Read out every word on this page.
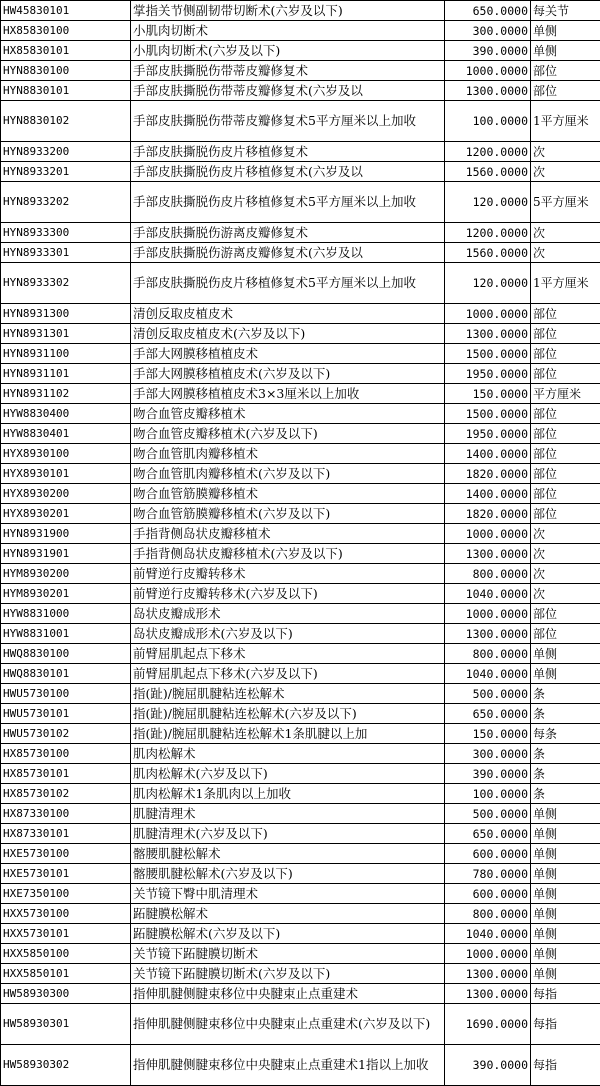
HW45830101	掌指关节侧副韧带切断术(六岁及以下)	650.0000	每关节
HX85830100	小肌肉切断术	300.0000	单侧
HX85830101	小肌肉切断术(六岁及以下)	390.0000	单侧
HYN8830100	手部皮肤撕脱伤带蒂皮瓣修复术	1000.0000	部位
HYN8830101	手部皮肤撕脱伤带蒂皮瓣修复术(六岁及以	1300.0000	部位
HYN8830102	手部皮肤撕脱伤带蒂皮瓣修复术5平方厘米以上加收	100.0000	1平方厘米
HYN8933200	手部皮肤撕脱伤皮片移植修复术	1200.0000	次
HYN8933201	手部皮肤撕脱伤皮片移植修复术(六岁及以	1560.0000	次
HYN8933202	手部皮肤撕脱伤皮片移植修复术5平方厘米以上加收	120.0000	5平方厘米
HYN8933300	手部皮肤撕脱伤游离皮瓣修复术	1200.0000	次
HYN8933301	手部皮肤撕脱伤游离皮瓣修复术(六岁及以	1560.0000	次
HYN8933302	手部皮肤撕脱伤皮片移植修复术5平方厘米以上加收	120.0000	1平方厘米
HYN8931300	清创反取皮植皮术	1000.0000	部位
HYN8931301	清创反取皮植皮术(六岁及以下)	1300.0000	部位
HYN8931100	手部大网膜移植植皮术	1500.0000	部位
HYN8931101	手部大网膜移植植皮术(六岁及以下)	1950.0000	部位
HYN8931102	手部大网膜移植植皮术3×3厘米以上加收	150.0000	平方厘米
HYW8830400	吻合血管皮瓣移植术	1500.0000	部位
HYW8830401	吻合血管皮瓣移植术(六岁及以下)	1950.0000	部位
HYX8930100	吻合血管肌肉瓣移植术	1400.0000	部位
HYX8930101	吻合血管肌肉瓣移植术(六岁及以下)	1820.0000	部位
HYX8930200	吻合血管筋膜瓣移植术	1400.0000	部位
HYX8930201	吻合血管筋膜瓣移植术(六岁及以下)	1820.0000	部位
HYN8931900	手指背侧岛状皮瓣移植术	1000.0000	次
HYN8931901	手指背侧岛状皮瓣移植术(六岁及以下)	1300.0000	次
HYM8930200	前臂逆行皮瓣转移术	800.0000	次
HYM8930201	前臂逆行皮瓣转移术(六岁及以下)	1040.0000	次
HYW8831000	岛状皮瓣成形术	1000.0000	部位
HYW8831001	岛状皮瓣成形术(六岁及以下)	1300.0000	部位
HWQ8830100	前臂屈肌起点下移术	800.0000	单侧
HWQ8830101	前臂屈肌起点下移术(六岁及以下)	1040.0000	单侧
HWU5730100	指(趾)/腕屈肌腱粘连松解术	500.0000	条
HWU5730101	指(趾)/腕屈肌腱粘连松解术(六岁及以下)	650.0000	条
HWU5730102	指(趾)/腕屈肌腱粘连松解术1条肌腱以上加	150.0000	每条
HX85730100	肌肉松解术	300.0000	条
HX85730101	肌肉松解术(六岁及以下)	390.0000	条
HX85730102	肌肉松解术1条肌肉以上加收	100.0000	条
HX87330100	肌腱清理术	500.0000	单侧
HX87330101	肌腱清理术(六岁及以下)	650.0000	单侧
HXE5730100	髂腰肌腱松解术	600.0000	单侧
HXE5730101	髂腰肌腱松解术(六岁及以下)	780.0000	单侧
HXE7350100	关节镜下臀中肌清理术	600.0000	单侧
HXX5730100	跖腱膜松解术	800.0000	单侧
HXX5730101	跖腱膜松解术(六岁及以下)	1040.0000	单侧
HXX5850100	关节镜下跖腱膜切断术	1000.0000	单侧
HXX5850101	关节镜下跖腱膜切断术(六岁及以下)	1300.0000	单侧
HW58930300	指伸肌腱侧腱束移位中央腱束止点重建术	1300.0000	每指
HW58930301	指伸肌腱侧腱束移位中央腱束止点重建术(六岁及以下)	1690.0000	每指
HW58930302	指伸肌腱侧腱束移位中央腱束止点重建术1指以上加收	390.0000	每指
